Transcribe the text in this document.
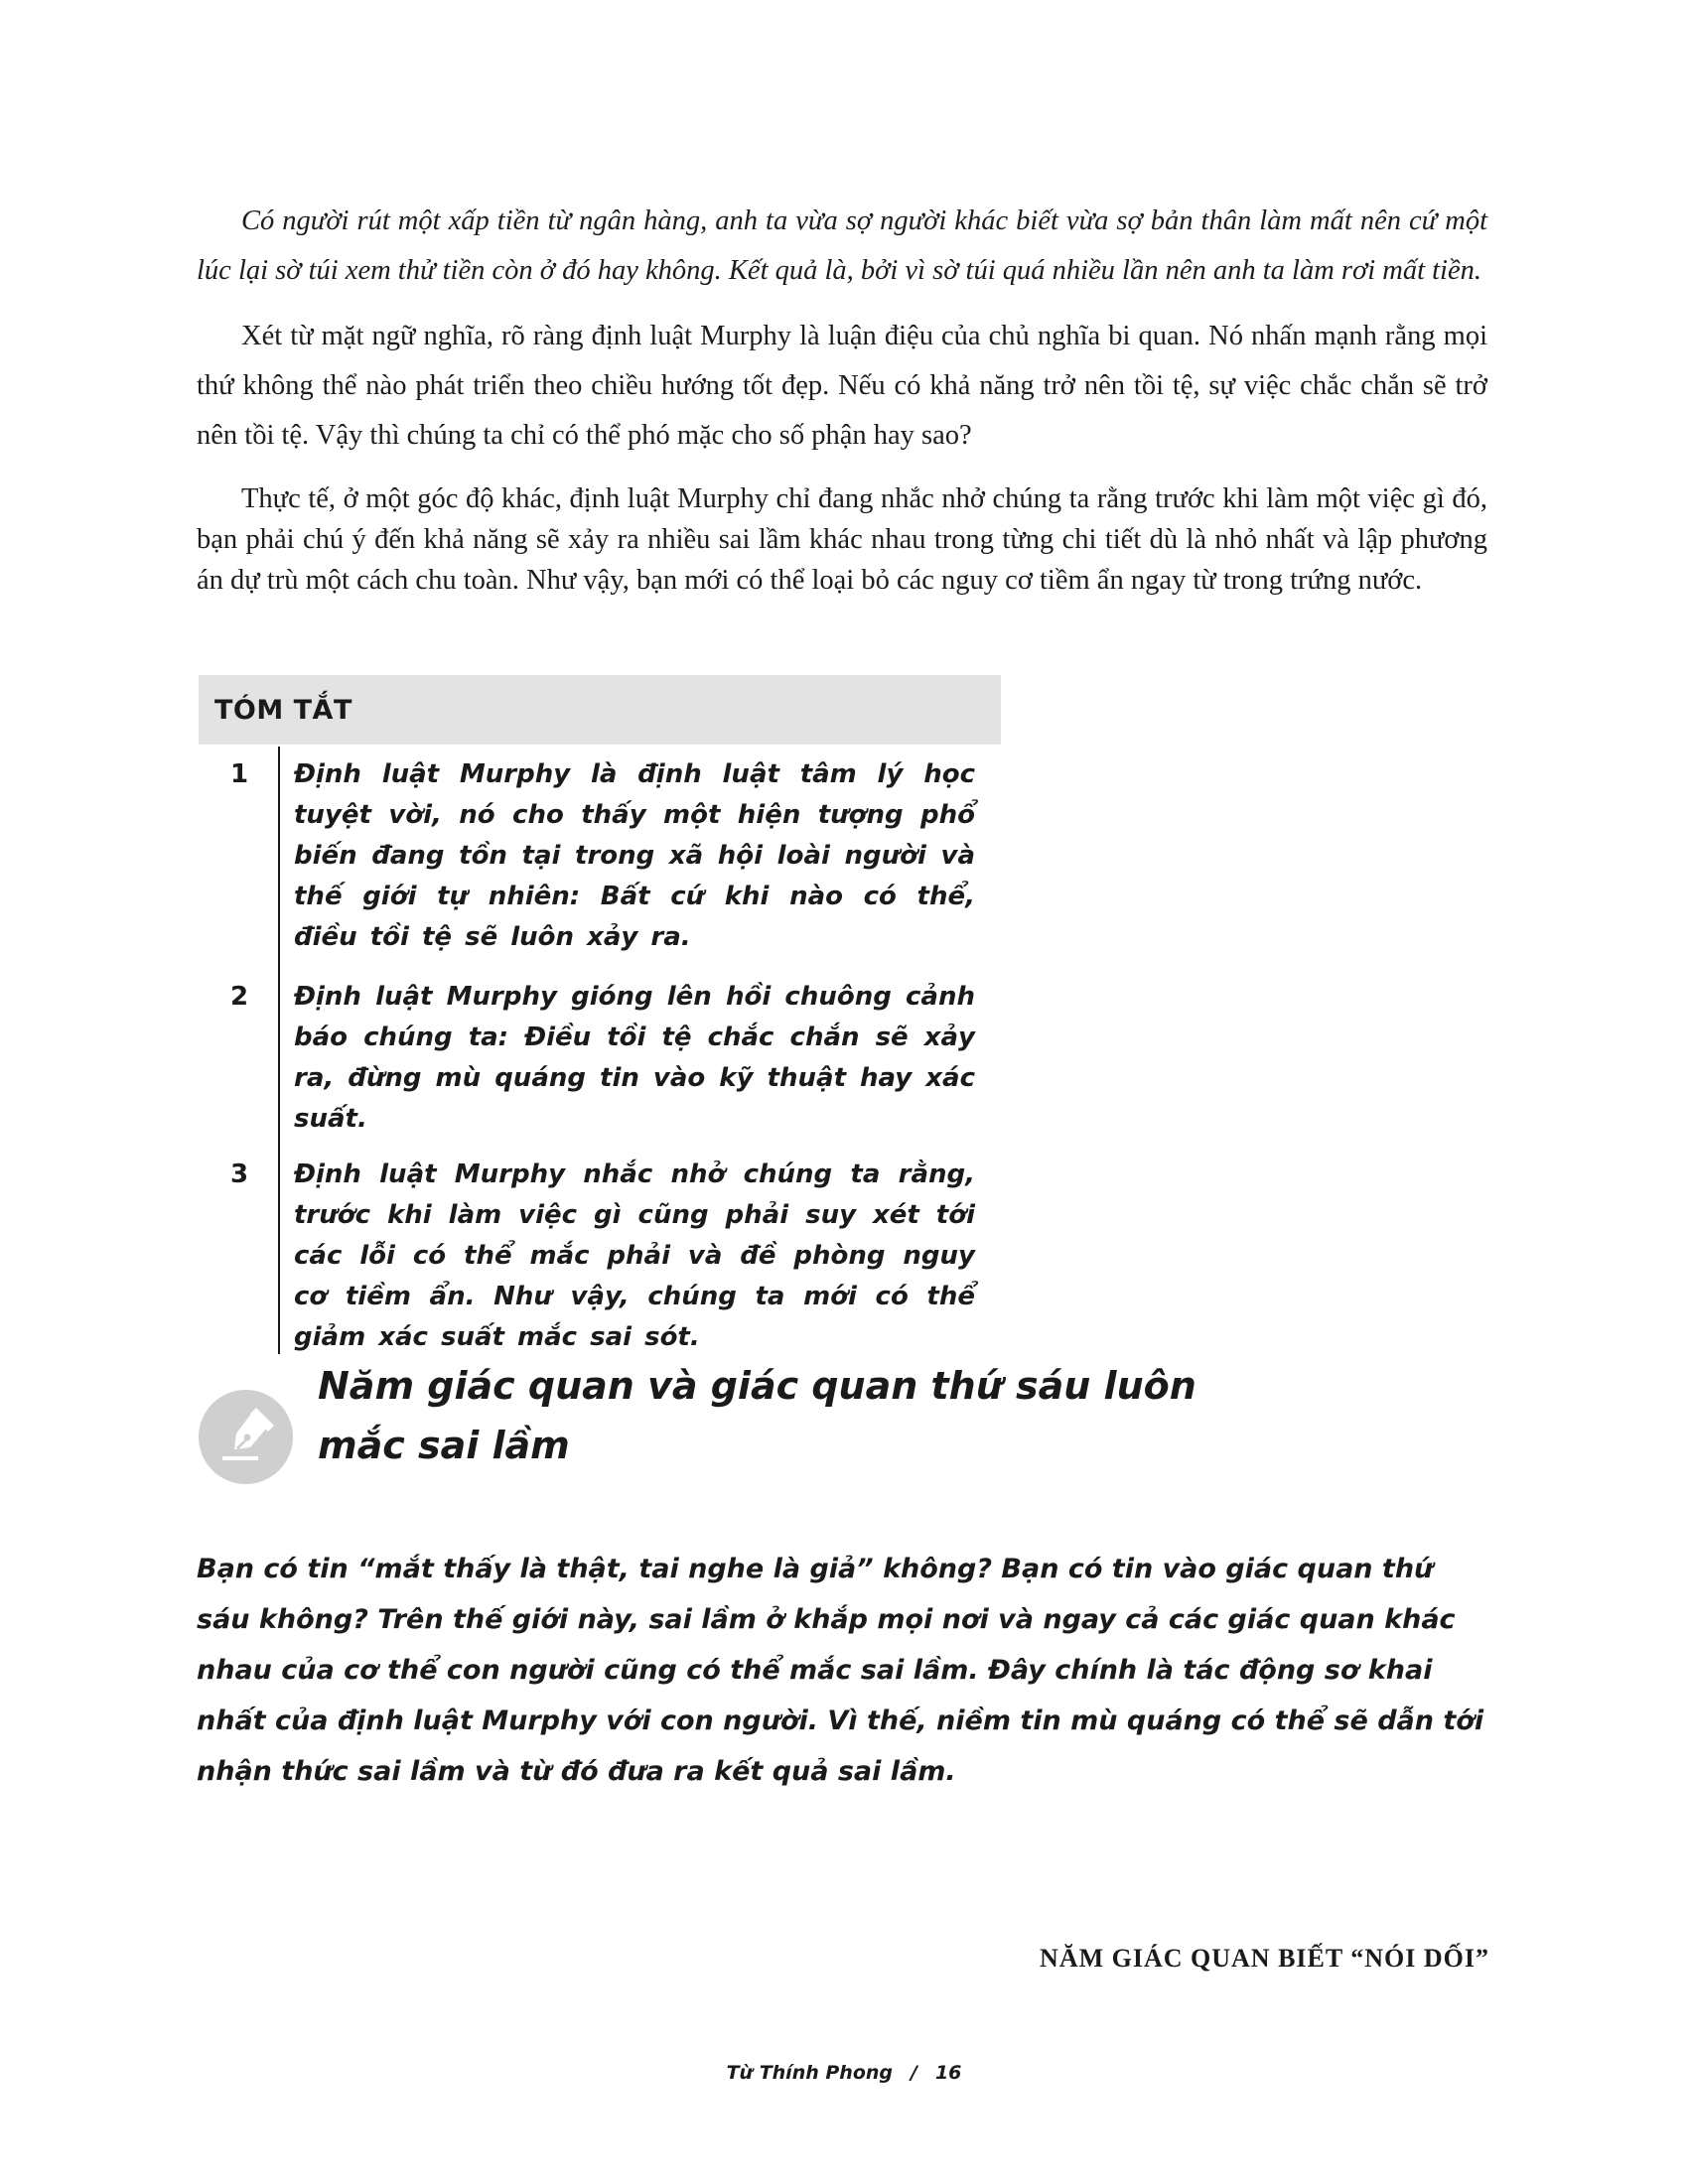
Có người rút một xấp tiền từ ngân hàng, anh ta vừa sợ người khác biết vừa sợ bản thân làm mất nên cứ một lúc lại sờ túi xem thử tiền còn ở đó hay không. Kết quả là, bởi vì sờ túi quá nhiều lần nên anh ta làm rơi mất tiền.

Xét từ mặt ngữ nghĩa, rõ ràng định luật Murphy là luận điệu của chủ nghĩa bi quan. Nó nhấn mạnh rằng mọi thứ không thể nào phát triển theo chiều hướng tốt đẹp. Nếu có khả năng trở nên tồi tệ, sự việc chắc chắn sẽ trở nên tồi tệ. Vậy thì chúng ta chỉ có thể phó mặc cho số phận hay sao?

Thực tế, ở một góc độ khác, định luật Murphy chỉ đang nhắc nhở chúng ta rằng trước khi làm một việc gì đó, bạn phải chú ý đến khả năng sẽ xảy ra nhiều sai lầm khác nhau trong từng chi tiết dù là nhỏ nhất và lập phương án dự trù một cách chu toàn. Như vậy, bạn mới có thể loại bỏ các nguy cơ tiềm ẩn ngay từ trong trứng nước.

TÓM TẮT

1	Định luật Murphy là định luật tâm lý học tuyệt vời, nó cho thấy một hiện tượng phổ biến đang tồn tại trong xã hội loài người và thế giới tự nhiên: Bất cứ khi nào có thể, điều tồi tệ sẽ luôn xảy ra.

2	Định luật Murphy gióng lên hồi chuông cảnh báo chúng ta: Điều tồi tệ chắc chắn sẽ xảy ra, đừng mù quáng tin vào kỹ thuật hay xác suất.

3	Định luật Murphy nhắc nhở chúng ta rằng, trước khi làm việc gì cũng phải suy xét tới các lỗi có thể mắc phải và đề phòng nguy cơ tiềm ẩn. Như vậy, chúng ta mới có thể giảm xác suất mắc sai sót.

Năm giác quan và giác quan thứ sáu luôn mắc sai lầm

Bạn có tin “mắt thấy là thật, tai nghe là giả” không? Bạn có tin vào giác quan thứ sáu không? Trên thế giới này, sai lầm ở khắp mọi nơi và ngay cả các giác quan khác nhau của cơ thể con người cũng có thể mắc sai lầm. Đây chính là tác động sơ khai nhất của định luật Murphy với con người. Vì thế, niềm tin mù quáng có thể sẽ dẫn tới nhận thức sai lầm và từ đó đưa ra kết quả sai lầm.

NĂM GIÁC QUAN BIẾT “NÓI DỐI”

Từ Thính Phong / 16
